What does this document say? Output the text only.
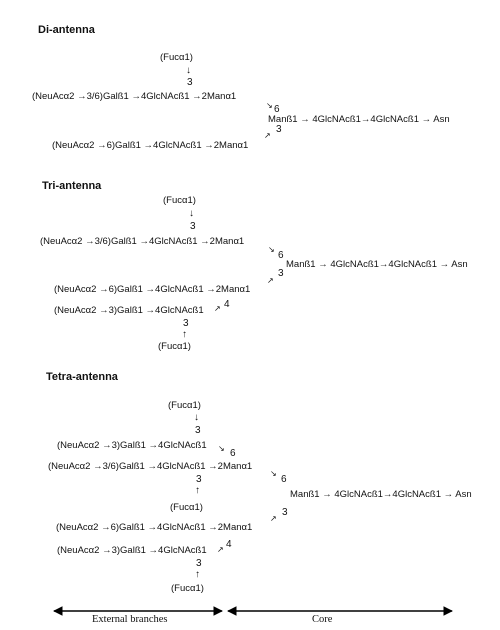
Di-antenna
(Fucα1)
↓
3
(NeuAcα2 →3/6)Galß1 →4GlcNAcß1 →2Manα1
↘ 6
Manß1 → 4GlcNAcß1→4GlcNAcß1 → Asn
3
↗
(NeuAcα2 →6)Galß1 →4GlcNAcß1 →2Manα1
Tri-antenna
(Fucα1)
↓
3
(NeuAcα2 →3/6)Galß1 →4GlcNAcß1 →2Manα1
↘
6
Manß1 → 4GlcNAcß1→4GlcNAcß1 → Asn
3
↗
(NeuAcα2 →6)Galß1 →4GlcNAcß1 →2Manα1
(NeuAcα2 →3)Galß1 →4GlcNAcß1 ↗ 4
3
↑
(Fucα1)
Tetra-antenna
(Fucα1)
↓
3
(NeuAcα2 →3)Galß1 →4GlcNAcß1 ↘ 6
(NeuAcα2 →3/6)Galß1 →4GlcNAcß1 →2Manα1
↘
6
3
↑	Manß1 → 4GlcNAcß1→4GlcNAcß1 → Asn
(Fucα1)	3
↗
(NeuAcα2 →6)Galß1 →4GlcNAcß1 →2Manα1
(NeuAcα2 →3)Galß1 →4GlcNAcß1 ↗ 4
3
↑
(Fucα1)
External branches	Core
